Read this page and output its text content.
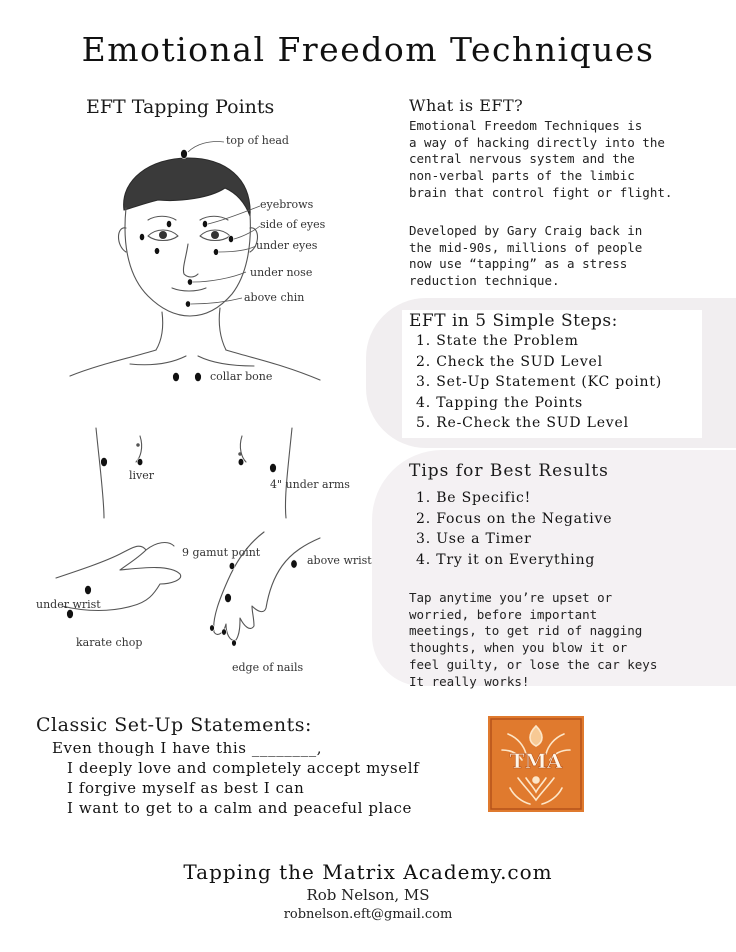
Emotional Freedom Techniques
EFT Tapping Points
top of head
eyebrows
side of eyes
under eyes
under nose
above chin
collar bone
liver
4" under arms
9 gamut point
above wrist
under wrist
karate chop
edge of nails
What is EFT?
Emotional Freedom Techniques is
a way of hacking directly into the
central nervous system and the
non-verbal parts of the limbic
brain that control fight or flight.
Developed by Gary Craig back in
the mid-90s, millions of people
now use “tapping” as a stress
reduction technique.
EFT in 5 Simple Steps:
1. State the Problem
2. Check the SUD Level
3. Set-Up Statement (KC point)
4. Tapping the Points
5. Re-Check the SUD Level
Tips for Best Results
1. Be Specific!
2. Focus on the Negative
3. Use a Timer
4. Try it on Everything
Tap anytime you’re upset or
worried, before important
meetings, to get rid of nagging
thoughts, when you blow it or
feel guilty, or lose the car keys
It really works!
Classic Set-Up Statements:
Even though I have this ________,
I deeply love and completely accept myself
I forgive myself as best I can
I want to get to a calm and peaceful place
TMA
Tapping the Matrix Academy.com
Rob Nelson, MS
robnelson.eft@gmail.com
